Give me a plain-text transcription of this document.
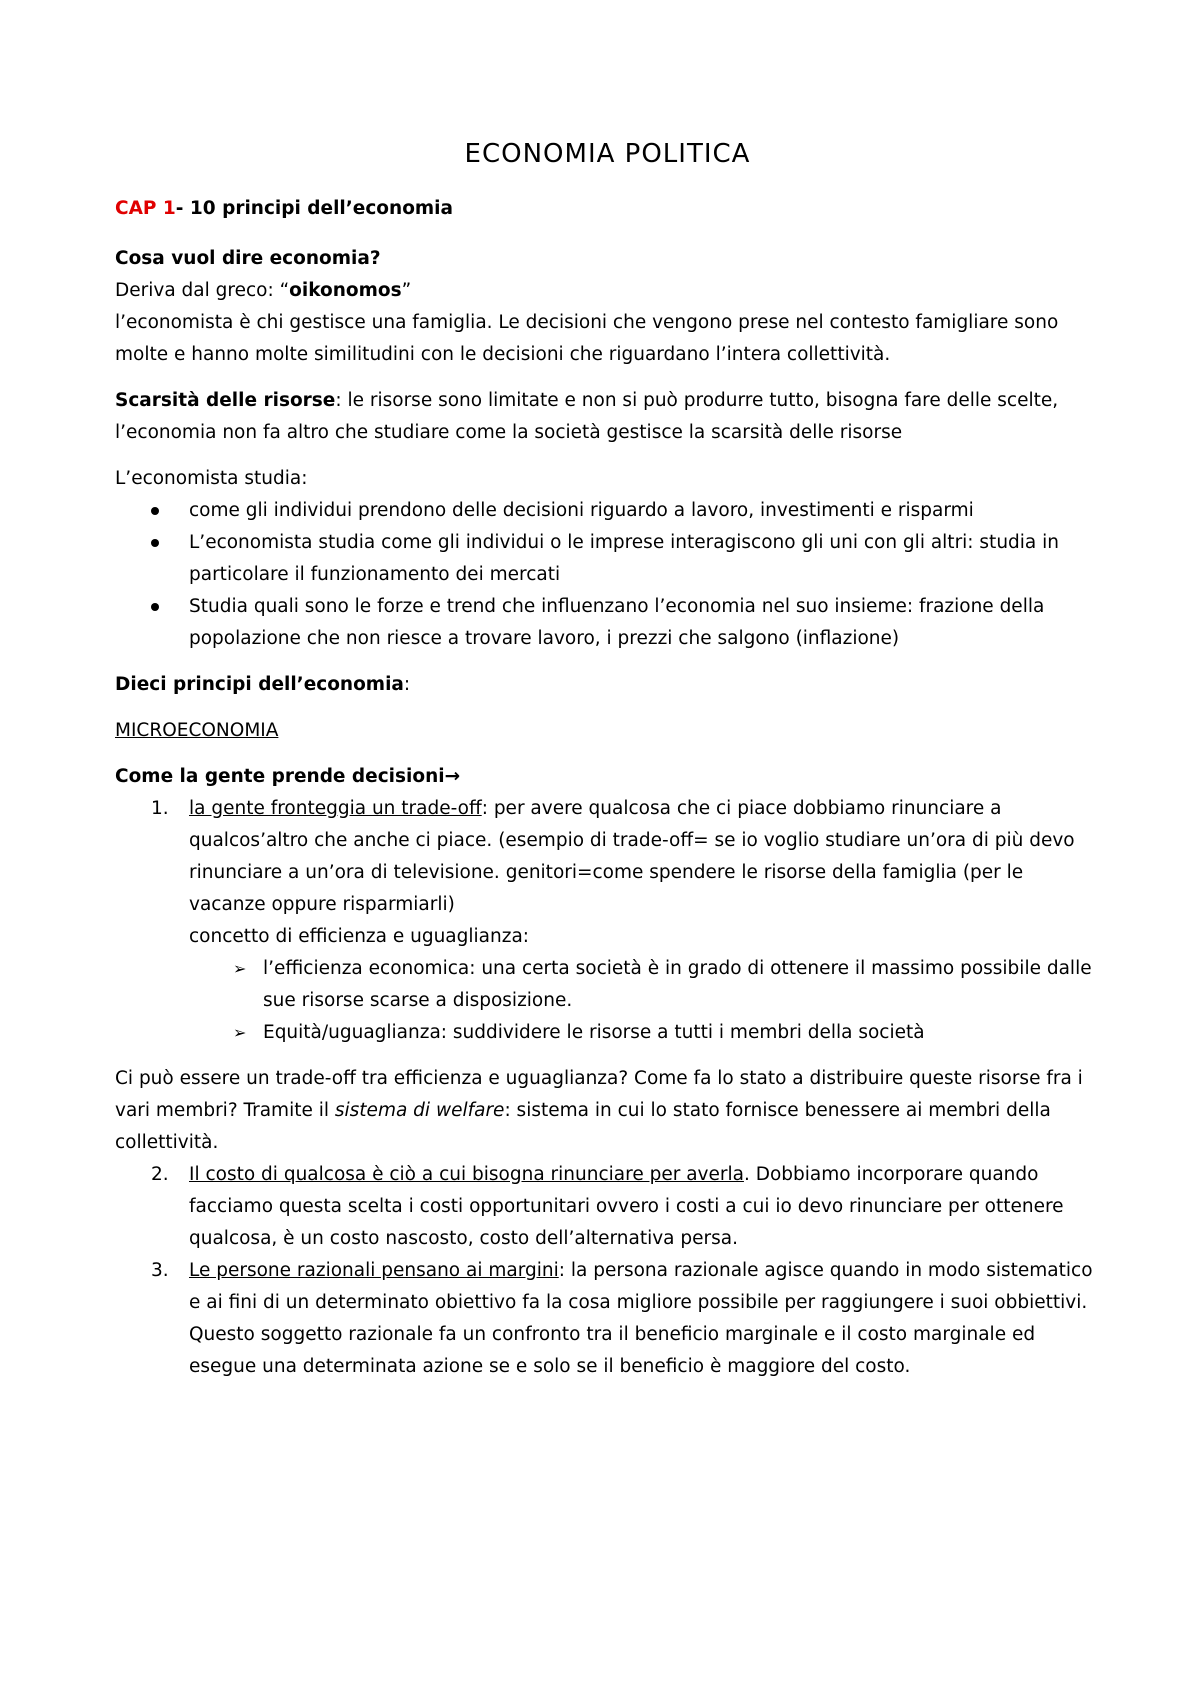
ECONOMIA POLITICA

CAP 1- 10 principi dell’economia

Cosa vuol dire economia?

Deriva dal greco: “oikonomos”

l’economista è chi gestisce una famiglia. Le decisioni che vengono prese nel contesto famigliare sono molte e hanno molte similitudini con le decisioni che riguardano l’intera collettività.

Scarsità delle risorse: le risorse sono limitate e non si può produrre tutto, bisogna fare delle scelte, l’economia non fa altro che studiare come la società gestisce la scarsità delle risorse

L’economista studia:

come gli individui prendono delle decisioni riguardo a lavoro, investimenti e risparmi
L’economista studia come gli individui o le imprese interagiscono gli uni con gli altri: studia in particolare il funzionamento dei mercati
Studia quali sono le forze e trend che influenzano l’economia nel suo insieme: frazione della popolazione che non riesce a trovare lavoro, i prezzi che salgono (inflazione)

Dieci principi dell’economia:

MICROECONOMIA

Come la gente prende decisioni→

1. la gente fronteggia un trade-off: per avere qualcosa che ci piace dobbiamo rinunciare a qualcos’altro che anche ci piace. (esempio di trade-off= se io voglio studiare un’ora di più devo rinunciare a un’ora di televisione. genitori=come spendere le risorse della famiglia (per le vacanze oppure risparmiarli)
concetto di efficienza e uguaglianza:
➢ l’efficienza economica: una certa società è in grado di ottenere il massimo possibile dalle sue risorse scarse a disposizione.
➢ Equità/uguaglianza: suddividere le risorse a tutti i membri della società

Ci può essere un trade-off tra efficienza e uguaglianza? Come fa lo stato a distribuire queste risorse fra i vari membri? Tramite il sistema di welfare: sistema in cui lo stato fornisce benessere ai membri della collettività.

2. Il costo di qualcosa è ciò a cui bisogna rinunciare per averla. Dobbiamo incorporare quando facciamo questa scelta i costi opportunitari ovvero i costi a cui io devo rinunciare per ottenere qualcosa, è un costo nascosto, costo dell’alternativa persa.
3. Le persone razionali pensano ai margini: la persona razionale agisce quando in modo sistematico e ai fini di un determinato obiettivo fa la cosa migliore possibile per raggiungere i suoi obbiettivi. Questo soggetto razionale fa un confronto tra il beneficio marginale e il costo marginale ed esegue una determinata azione se e solo se il beneficio è maggiore del costo.
